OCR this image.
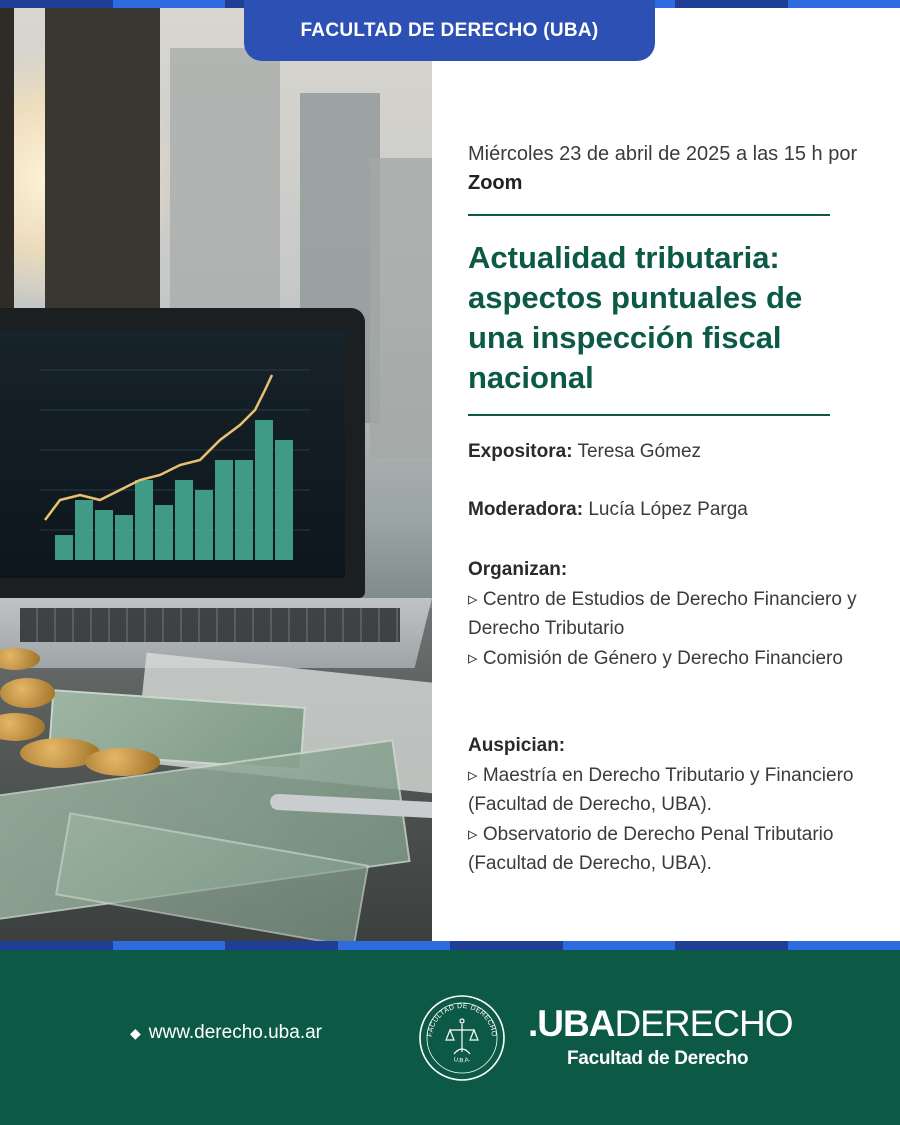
FACULTAD DE DERECHO (UBA)
Miércoles 23 de abril de 2025 a las 15 h por Zoom
Actualidad tributaria: aspectos puntuales de una inspección fiscal nacional
Expositora: Teresa Gómez
Moderadora: Lucía López Parga
Organizan:
▹ Centro de Estudios de Derecho Financiero y Derecho Tributario
▹ Comisión de Género y Derecho Financiero
Auspician:
▹ Maestría en Derecho Tributario y Financiero (Facultad de Derecho, UBA).
▹ Observatorio de Derecho Penal Tributario (Facultad de Derecho, UBA).
◆ www.derecho.uba.ar	FACULTAD DE DERECHO
U.B.A.
.UBADERECHO
Facultad de Derecho
